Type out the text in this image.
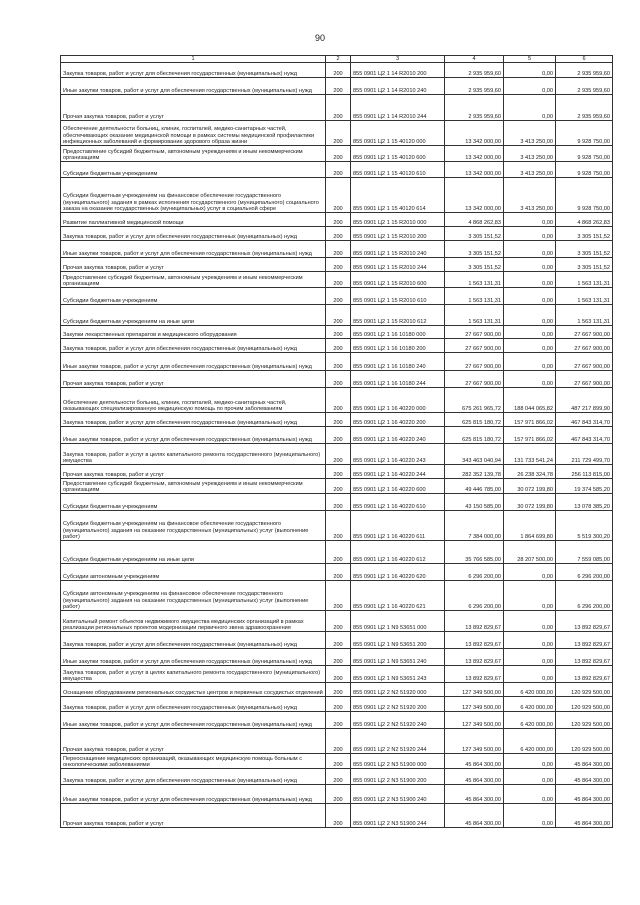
90
1	2	3	4	5	6
Закупка товаров, работ и услуг для обеспечения государственных (муниципальных) нужд	200	855 0901 Ц2 1 14 R2010 200	2 935 959,60	0,00	2 935 959,60
Иные закупки товаров, работ и услуг для обеспечения государственных (муниципальных) нужд	200	855 0901 Ц2 1 14 R2010 240	2 935 959,60	0,00	2 935 959,60
Прочая закупка товаров, работ и услуг	200	855 0901 Ц2 1 14 R2010 244	2 935 959,60	0,00	2 935 959,60
Обеспечение деятельности больниц, клиник, госпиталей, медико-санитарных частей, обеспечивающих оказание медицинской помощи в рамках системы медицинской профилактики инфекционных заболеваний и формирование здорового образа жизни	200	855 0901 Ц2 1 15 40120 000	13 342 000,00	3 413 250,00	9 928 750,00
Предоставление субсидий бюджетным, автономным учреждениям и иным некоммерческим организациям	200	855 0901 Ц2 1 15 40120 600	13 342 000,00	3 413 250,00	9 928 750,00
Субсидии бюджетным учреждениям	200	855 0901 Ц2 1 15 40120 610	13 342 000,00	3 413 250,00	9 928 750,00
Субсидии бюджетным учреждениям на финансовое обеспечение государственного (муниципального) задания в рамках исполнения государственного (муниципального) социального заказа на оказание государственных (муниципальных) услуг в социальной сфере	200	855 0901 Ц2 1 15 40120 614	13 342 000,00	3 413 250,00	9 928 750,00
Развитие паллиативной медицинской помощи	200	855 0901 Ц2 1 15 R2010 000	4 868 262,83	0,00	4 868 262,83
Закупка товаров, работ и услуг для обеспечения государственных (муниципальных) нужд	200	855 0901 Ц2 1 15 R2010 200	3 305 151,52	0,00	3 305 151,52
Иные закупки товаров, работ и услуг для обеспечения государственных (муниципальных) нужд	200	855 0901 Ц2 1 15 R2010 240	3 305 151,52	0,00	3 305 151,52
Прочая закупка товаров, работ и услуг	200	855 0901 Ц2 1 15 R2010 244	3 305 151,52	0,00	3 305 151,52
Предоставление субсидий бюджетным, автономным учреждениям и иным некоммерческим организациям	200	855 0901 Ц2 1 15 R2010 600	1 563 131,31	0,00	1 563 131,31
Субсидии бюджетным учреждениям	200	855 0901 Ц2 1 15 R2010 610	1 563 131,31	0,00	1 563 131,31
Субсидии бюджетным учреждениям на иные цели	200	855 0901 Ц2 1 15 R2010 612	1 563 131,31	0,00	1 563 131,31
Закупки лекарственных препаратов и медицинского оборудования	200	855 0901 Ц2 1 16 10180 000	27 667 900,00	0,00	27 667 900,00
Закупка товаров, работ и услуг для обеспечения государственных (муниципальных) нужд	200	855 0901 Ц2 1 16 10180 200	27 667 900,00	0,00	27 667 900,00
Иные закупки товаров, работ и услуг для обеспечения государственных (муниципальных) нужд	200	855 0901 Ц2 1 16 10180 240	27 667 900,00	0,00	27 667 900,00
Прочая закупка товаров, работ и услуг	200	855 0901 Ц2 1 16 10180 244	27 667 900,00	0,00	27 667 900,00
Обеспечение деятельности больниц, клиник, госпиталей, медико-санитарных частей, оказывающих специализированную медицинскую помощь по прочим заболеваниям	200	855 0901 Ц2 1 16 40220 000	675 261 965,72	188 044 065,82	487 217 899,90
Закупка товаров, работ и услуг для обеспечения государственных (муниципальных) нужд	200	855 0901 Ц2 1 16 40220 200	625 815 180,72	157 971 866,02	467 843 314,70
Иные закупки товаров, работ и услуг для обеспечения государственных (муниципальных) нужд	200	855 0901 Ц2 1 16 40220 240	625 815 180,72	157 971 866,02	467 843 314,70
Закупка товаров, работ и услуг в целях капитального ремонта государственного (муниципального) имущества	200	855 0901 Ц2 1 16 40220 243	343 463 040,94	131 733 541,24	211 729 499,70
Прочая закупка товаров, работ и услуг	200	855 0901 Ц2 1 16 40220 244	282 352 139,78	26 238 324,78	256 113 815,00
Предоставление субсидий бюджетным, автономным учреждениям и иным некоммерческим организациям	200	855 0901 Ц2 1 16 40220 600	49 446 785,00	30 072 199,80	19 374 585,20
Субсидии бюджетным учреждениям	200	855 0901 Ц2 1 16 40220 610	43 150 585,00	30 072 199,80	13 078 385,20
Субсидии бюджетным учреждениям на финансовое обеспечение государственного (муниципального) задания на оказание государственных (муниципальных) услуг (выполнение работ)	200	855 0901 Ц2 1 16 40220 611	7 384 000,00	1 864 699,80	5 519 300,20
Субсидии бюджетным учреждениям на иные цели	200	855 0901 Ц2 1 16 40220 612	35 766 585,00	28 207 500,00	7 559 085,00
Субсидии автономным учреждениям	200	855 0901 Ц2 1 16 40220 620	6 296 200,00	0,00	6 296 200,00
Субсидии автономным учреждениям на финансовое обеспечение государственного (муниципального) задания на оказание государственных (муниципальных) услуг (выполнение работ)	200	855 0901 Ц2 1 16 40220 621	6 296 200,00	0,00	6 296 200,00
Капитальный ремонт объектов недвижимого имущества медицинских организаций в рамках реализации региональных проектов модернизации первичного звена здравоохранения	200	855 0901 Ц2 1 N9 53651 000	13 892 829,67	0,00	13 892 829,67
Закупка товаров, работ и услуг для обеспечения государственных (муниципальных) нужд	200	855 0901 Ц2 1 N9 53651 200	13 892 829,67	0,00	13 892 829,67
Иные закупки товаров, работ и услуг для обеспечения государственных (муниципальных) нужд	200	855 0901 Ц2 1 N9 53651 240	13 892 829,67	0,00	13 892 829,67
Закупка товаров, работ и услуг в целях капитального ремонта государственного (муниципального) имущества	200	855 0901 Ц2 1 N9 53651 243	13 892 829,67	0,00	13 892 829,67
Оснащение оборудованием региональных сосудистых центров и первичных сосудистых отделений	200	855 0901 Ц2 2 N2 51920 000	127 349 500,00	6 420 000,00	120 929 500,00
Закупка товаров, работ и услуг для обеспечения государственных (муниципальных) нужд	200	855 0901 Ц2 2 N2 51920 200	127 349 500,00	6 420 000,00	120 929 500,00
Иные закупки товаров, работ и услуг для обеспечения государственных (муниципальных) нужд	200	855 0901 Ц2 2 N2 51920 240	127 349 500,00	6 420 000,00	120 929 500,00
Прочая закупка товаров, работ и услуг	200	855 0901 Ц2 2 N2 51920 244	127 349 500,00	6 420 000,00	120 929 500,00
Переоснащение медицинских организаций, оказывающих медицинскую помощь больным с онкологическими заболеваниями	200	855 0901 Ц2 2 N3 51900 000	45 864 300,00	0,00	45 864 300,00
Закупка товаров, работ и услуг для обеспечения государственных (муниципальных) нужд	200	855 0901 Ц2 2 N3 51900 200	45 864 300,00	0,00	45 864 300,00
Иные закупки товаров, работ и услуг для обеспечения государственных (муниципальных) нужд	200	855 0901 Ц2 2 N3 51900 240	45 864 300,00	0,00	45 864 300,00
Прочая закупка товаров, работ и услуг	200	855 0901 Ц2 2 N3 51900 244	45 864 300,00	0,00	45 864 300,00
